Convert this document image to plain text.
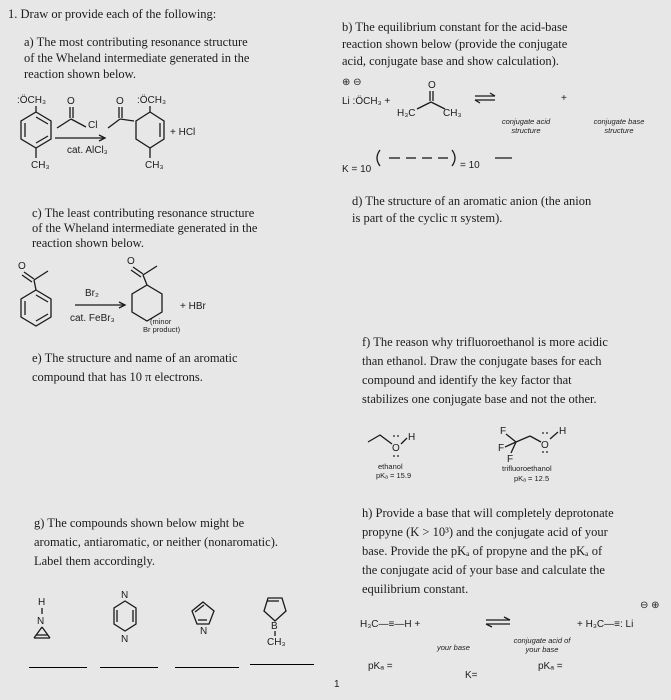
1. Draw or provide each of the following:
a) The most contributing resonance structure
of the Wheland intermediate generated in the
reaction shown below.
:ÖCH₃	:ÖCH₃
CH₃	CH₃
Cl
cat. AlCl₃
+ HCl
O	O
b) The equilibrium constant for the acid-base
reaction shown below (provide the conjugate
acid, conjugate base and show calculation).
⊕ ⊖
Li :ÖCH₃ +
H₃C	CH₃
+
conjugate acid structure
conjugate base structure
K = 10	= 10
O
c) The least contributing resonance structure
of the Wheland intermediate generated in the
reaction shown below.
Br₂
cat. FeBr₃
+ HBr
(minor
Br product)
O	O
d) The structure of an aromatic anion (the anion
is part of the cyclic π system).
e) The structure and name of an aromatic
compound that has 10 π electrons.
f) The reason why trifluoroethanol is more acidic
than ethanol. Draw the conjugate bases for each
compound and identify the key factor that
stabilizes one conjugate base and not the other.
ethanol
pKₐ = 15.9
trifluoroethanol
pKₐ = 12.5
O
H
F
F
F
O
H
g) The compounds shown below might be
aromatic, antiaromatic, or neither (nonaromatic).
Label them accordingly.
H
N
N
N
N	B
CH₃
h) Provide a base that will completely deprotonate
propyne (K > 10³) and the conjugate acid of your
base. Provide the pKₐ of propyne and the pKₐ of
the conjugate acid of your base and calculate the
equilibrium constant.
H₃C—≡—H +	+ H₃C—≡: Li
⊖ ⊕
your base
conjugate acid of your base
pKₐ =
K=
pKₐ =
1
